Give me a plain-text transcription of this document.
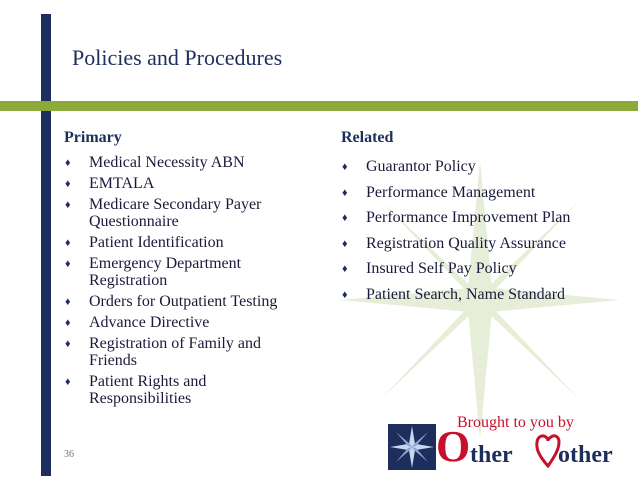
Policies and Procedures
Primary
♦ Medical Necessity ABN
♦ EMTALA
♦ Medicare Secondary Payer Questionnaire
♦ Patient Identification
♦ Emergency Department Registration
♦ Orders for Outpatient Testing
♦ Advance Directive
♦ Registration of Family and Friends
♦ Patient Rights and Responsibilities
Related
♦ Guarantor Policy
♦ Performance Management
♦ Performance Improvement Plan
♦ Registration Quality Assurance
♦ Insured Self Pay Policy
♦ Patient Search, Name Standard
36
Brought to you by
O ther other
